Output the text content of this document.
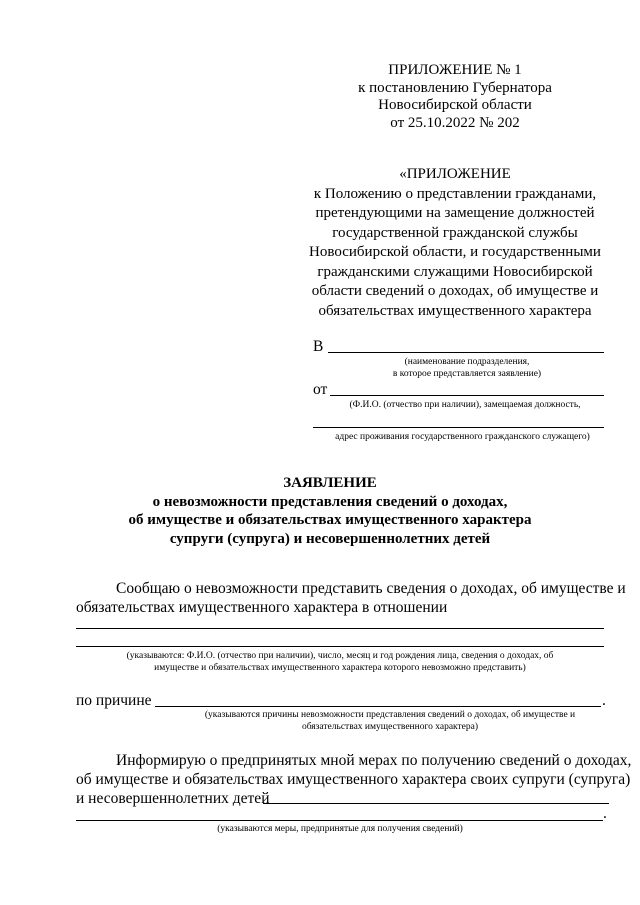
ПРИЛОЖЕНИЕ № 1
к постановлению Губернатора
Новосибирской области
от 25.10.2022 № 202
«ПРИЛОЖЕНИЕ
к Положению о представлении гражданами,
претендующими на замещение должностей
государственной гражданской службы
Новосибирской области, и государственными
гражданскими служащими Новосибирской
области сведений о доходах, об имуществе и
обязательствах имущественного характера
В
(наименование подразделения,
в которое представляется заявление)
от
(Ф.И.О. (отчество при наличии), замещаемая должность,
адрес проживания государственного гражданского служащего)
ЗАЯВЛЕНИЕ
о невозможности представления сведений о доходах,
об имуществе и обязательствах имущественного характера
супруги (супруга) и несовершеннолетних детей
Сообщаю о невозможности представить сведения о доходах, об имуществе и
обязательствах имущественного характера в отношении
(указываются: Ф.И.О. (отчество при наличии), число, месяц и год рождения лица, сведения о доходах, об
имуществе и обязательствах имущественного характера которого невозможно представить)
по причине	.
(указываются причины невозможности представления сведений о доходах, об имуществе и
обязательствах имущественного характера)
Информирую о предпринятых мной мерах по получению сведений о доходах,
об имуществе и обязательствах имущественного характера своих супруги (супруга)
и несовершеннолетних детей
.
(указываются меры, предпринятые для получения сведений)
